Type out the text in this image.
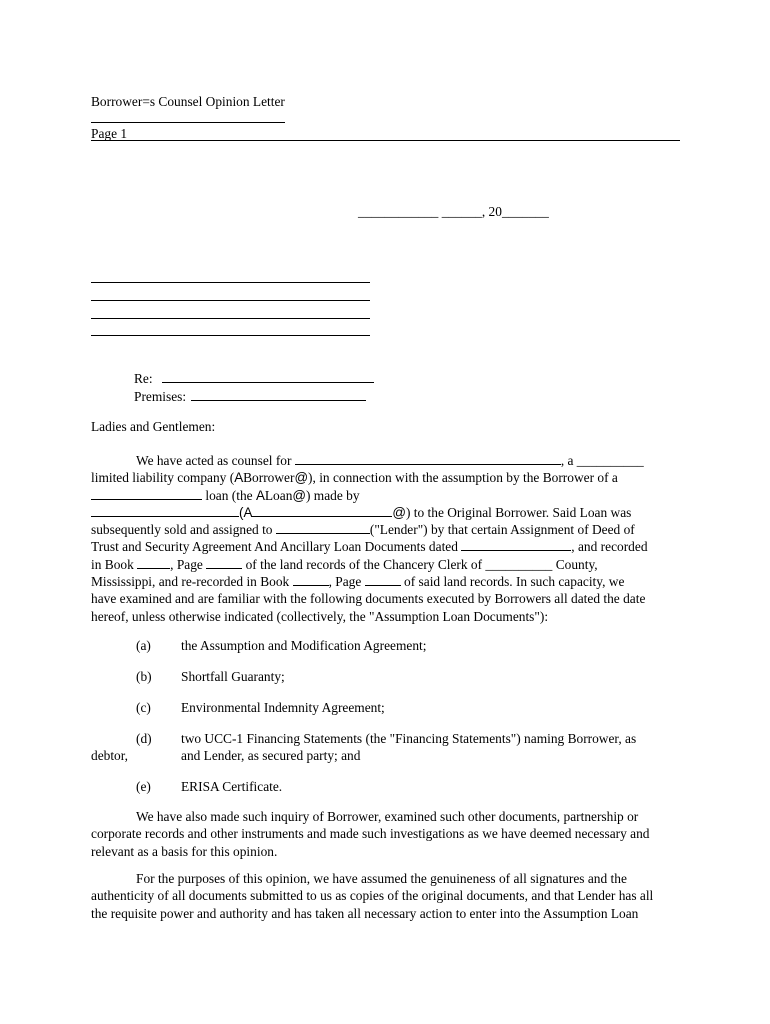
Borrower=s Counsel Opinion Letter
Page 1
____________ ______, 20_______
Re:
Premises:
Ladies and Gentlemen:
We have acted as counsel for	, a __________
limited liability company (ABorrower@), in connection with the assumption by the Borrower of a
loan (the ALoan@) made by
(A	@) to the Original Borrower. Said Loan was
subsequently sold and assigned to	("Lender") by that certain Assignment of Deed of
Trust and Security Agreement And Ancillary Loan Documents dated	, and recorded
in Book	, Page	of the land records of the Chancery Clerk of __________ County,
Mississippi, and re-recorded in Book	, Page	of said land records. In such capacity, we
have examined and are familiar with the following documents executed by Borrowers all dated the date
hereof, unless otherwise indicated (collectively, the "Assumption Loan Documents"):
(a) the Assumption and Modification Agreement;
(b) Shortfall Guaranty;
(c) Environmental Indemnity Agreement;
(d) two UCC-1 Financing Statements (the "Financing Statements") naming Borrower, as
debtor,	and Lender, as secured party; and
(e) ERISA Certificate.
We have also made such inquiry of Borrower, examined such other documents, partnership or
corporate records and other instruments and made such investigations as we have deemed necessary and
relevant as a basis for this opinion.
For the purposes of this opinion, we have assumed the genuineness of all signatures and the
authenticity of all documents submitted to us as copies of the original documents, and that Lender has all
the requisite power and authority and has taken all necessary action to enter into the Assumption Loan
